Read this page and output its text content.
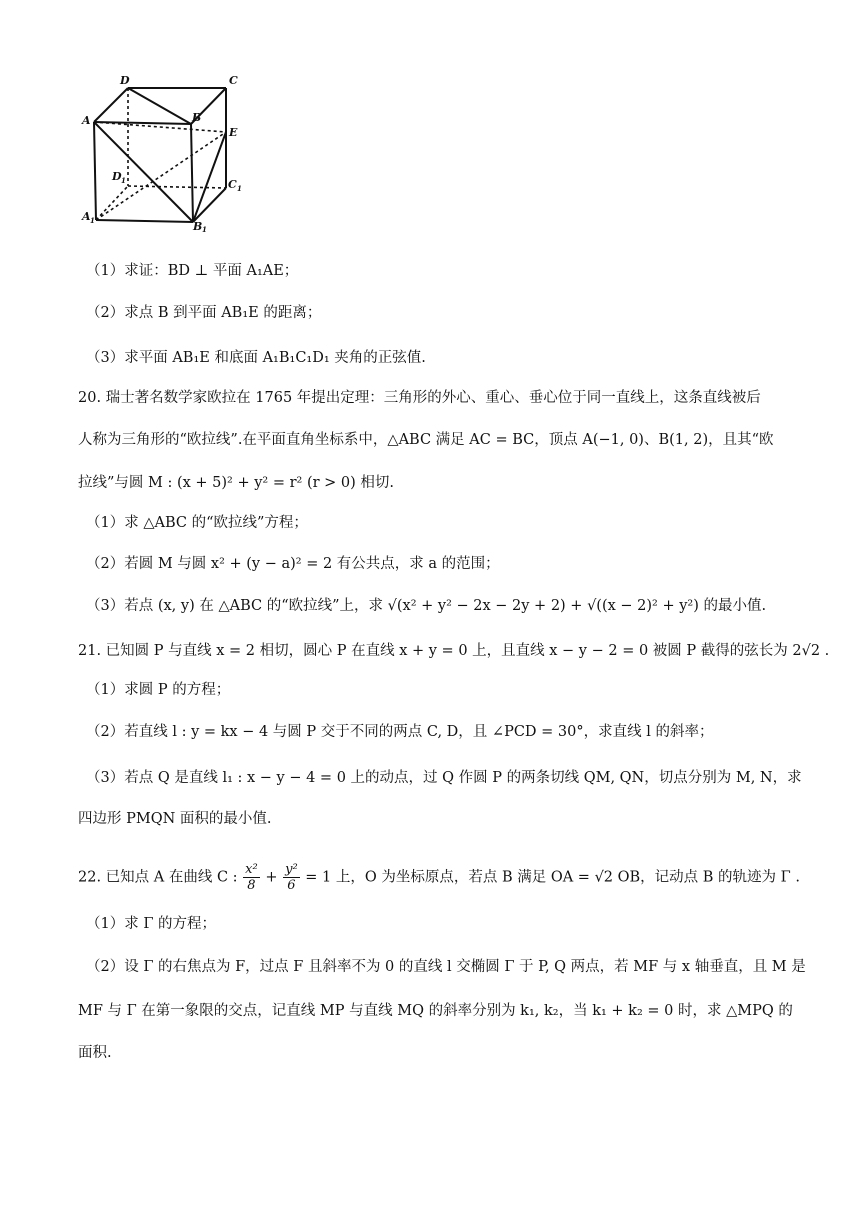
D	C
A	B
E
D 1	C 1
A 1	B 1
（1）求证：BD ⊥ 平面 A₁AE；
（2）求点 B 到平面 AB₁E 的距离；
（3）求平面 AB₁E 和底面 A₁B₁C₁D₁ 夹角的正弦值.
20. 瑞士著名数学家欧拉在 1765 年提出定理：三角形的外心、重心、垂心位于同一直线上，这条直线被后
人称为三角形的“欧拉线”.在平面直角坐标系中，△ABC 满足 AC = BC，顶点 A(−1, 0)、B(1, 2)，且其“欧
拉线”与圆 M : (x + 5)² + y² = r² (r > 0) 相切.
（1）求 △ABC 的“欧拉线”方程；
（2）若圆 M 与圆 x² + (y − a)² = 2 有公共点，求 a 的范围；
（3）若点 (x, y) 在 △ABC 的“欧拉线”上，求 √(x² + y² − 2x − 2y + 2) + √((x − 2)² + y²) 的最小值.
21. 已知圆 P 与直线 x = 2 相切，圆心 P 在直线 x + y = 0 上，且直线 x − y − 2 = 0 被圆 P 截得的弦长为 2√2 .
（1）求圆 P 的方程；
（2）若直线 l : y = kx − 4 与圆 P 交于不同的两点 C, D，且 ∠PCD = 30°，求直线 l 的斜率；
（3）若点 Q 是直线 l₁ : x − y − 4 = 0 上的动点，过 Q 作圆 P 的两条切线 QM, QN，切点分别为 M, N，求
四边形 PMQN 面积的最小值.
22. 已知点 A 在曲线 C : $\frac{\text{x²}}{8} + \frac{\text{y²}}{6} = 1$ 上，O 为坐标原点，若点 B 满足 OA = √2 OB，记动点 B 的轨迹为 Γ .
（1）求 Γ 的方程；
（2）设 Γ 的右焦点为 F，过点 F 且斜率不为 0 的直线 l 交椭圆 Γ 于 P, Q 两点，若 MF 与 x 轴垂直，且 M 是
MF 与 Γ 在第一象限的交点，记直线 MP 与直线 MQ 的斜率分别为 k₁, k₂，当 k₁ + k₂ = 0 时，求 △MPQ 的
面积.
